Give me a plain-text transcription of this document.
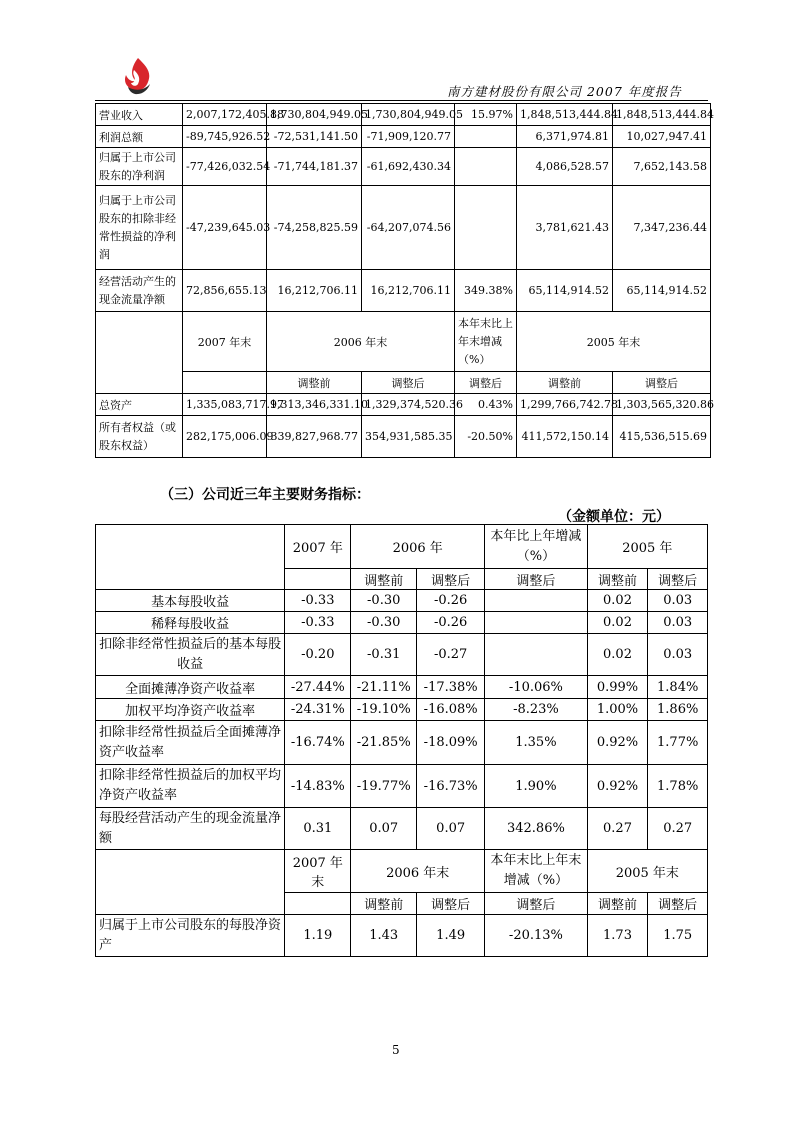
南方建材股份有限公司 2007 年度报告
营业收入	2,007,172,405.88	1,730,804,949.05	1,730,804,949.05	15.97%	1,848,513,444.84	1,848,513,444.84
利润总额	-89,745,926.52	-72,531,141.50	-71,909,120.77		6,371,974.81	10,027,947.41
归属于上市公司股东的净利润	-77,426,032.54	-71,744,181.37	-61,692,430.34		4,086,528.57	7,652,143.58
归属于上市公司股东的扣除非经常性损益的净利润	-47,239,645.03	-74,258,825.59	-64,207,074.56		3,781,621.43	7,347,236.44
经营活动产生的现金流量净额	72,856,655.13	16,212,706.11	16,212,706.11	349.38%	65,114,914.52	65,114,914.52
	2007 年末	2006 年末		本年末比上年末增减（%）	2005 年末	
		调整前	调整后	调整后	调整前	调整后
总资产	1,335,083,717.97	1,313,346,331.10	1,329,374,520.36	0.43%	1,299,766,742.78	1,303,565,320.86
所有者权益（或股东权益）	282,175,006.09	339,827,968.77	354,931,585.35	-20.50%	411,572,150.14	415,536,515.69
（三）公司近三年主要财务指标：
（金额单位：元）
	2007 年	2006 年		本年比上年增减（%）	2005 年	
		调整前	调整后	调整后	调整前	调整后
基本每股收益	-0.33	-0.30	-0.26		0.02	0.03
稀释每股收益	-0.33	-0.30	-0.26		0.02	0.03
扣除非经常性损益后的基本每股收益	-0.20	-0.31	-0.27		0.02	0.03
全面摊薄净资产收益率	-27.44%	-21.11%	-17.38%	-10.06%	0.99%	1.84%
加权平均净资产收益率	-24.31%	-19.10%	-16.08%	-8.23%	1.00%	1.86%
扣除非经常性损益后全面摊薄净资产收益率	-16.74%	-21.85%	-18.09%	1.35%	0.92%	1.77%
扣除非经常性损益后的加权平均净资产收益率	-14.83%	-19.77%	-16.73%	1.90%	0.92%	1.78%
每股经营活动产生的现金流量净额	0.31	0.07	0.07	342.86%	0.27	0.27
	2007 年末	2006 年末		本年末比上年末增减（%）	2005 年末	
		调整前	调整后	调整后	调整前	调整后
归属于上市公司股东的每股净资产	1.19	1.43	1.49	-20.13%	1.73	1.75
5
